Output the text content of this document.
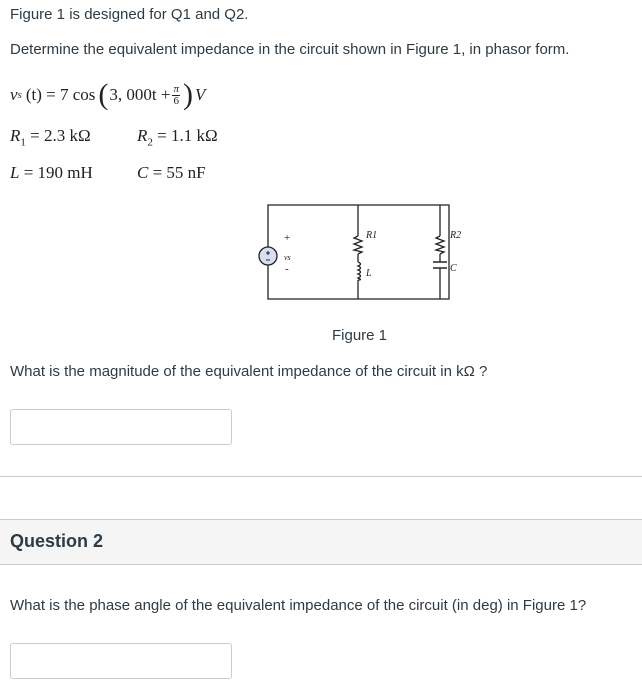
Figure 1 is designed for Q1 and Q2.
Determine the equivalent impedance in the circuit shown in Figure 1, in phasor form.
v s (t) = 7 cos ( 3, $000t + \frac{\pi}{6}$ ) V
$R_1 = 2.3$ kΩ	$R_2 = 1.1$ kΩ
L = 190 mH	C = 55 nF
+
vs
-
R1
L
R2
C
Figure 1
What is the magnitude of the equivalent impedance of the circuit in kΩ ?
Question 2
What is the phase angle of the equivalent impedance of the circuit (in deg) in Figure 1?
